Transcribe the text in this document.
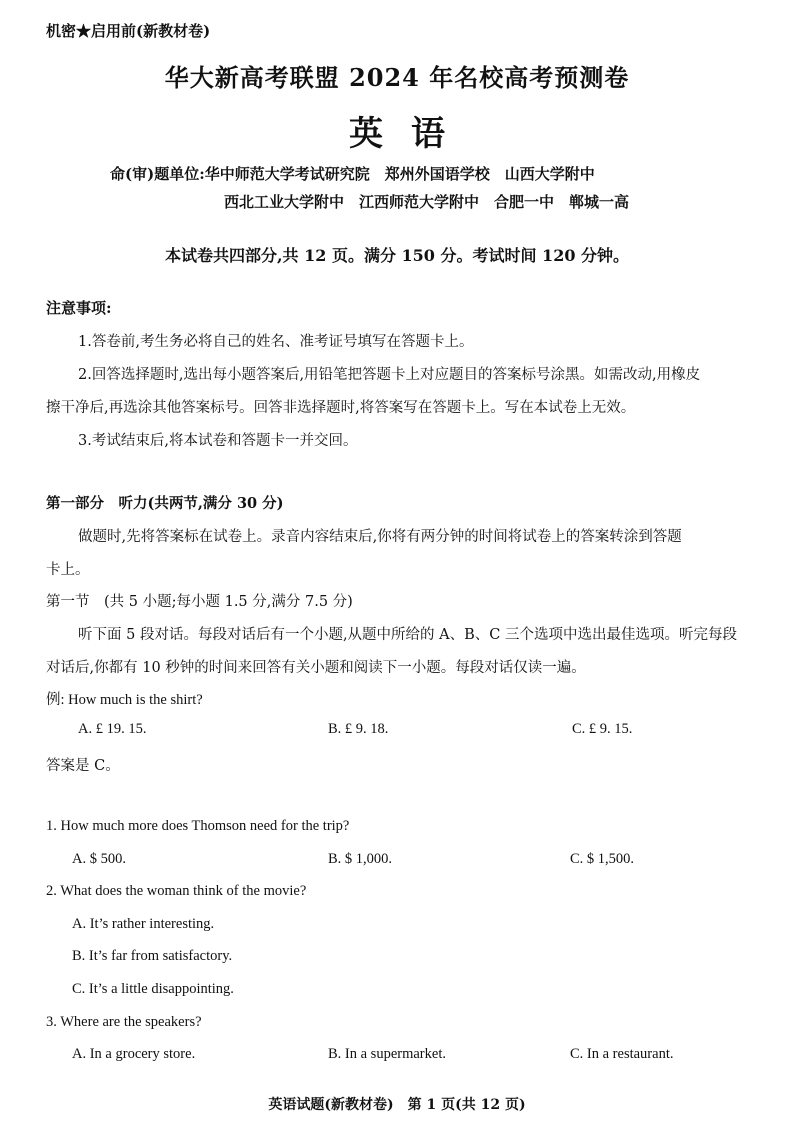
机密★启用前(新教材卷)
华大新高考联盟 2024 年名校高考预测卷
英语
命(审)题单位:华中师范大学考试研究院　郑州外国语学校　山西大学附中
西北工业大学附中　江西师范大学附中　合肥一中　郸城一高
本试卷共四部分,共 12 页。满分 150 分。考试时间 120 分钟。
注意事项:
1.答卷前,考生务必将自己的姓名、准考证号填写在答题卡上。
2.回答选择题时,选出每小题答案后,用铅笔把答题卡上对应题目的答案标号涂黑。如需改动,用橡皮
擦干净后,再选涂其他答案标号。回答非选择题时,将答案写在答题卡上。写在本试卷上无效。
3.考试结束后,将本试卷和答题卡一并交回。
第一部分　听力(共两节,满分 30 分)
做题时,先将答案标在试卷上。录音内容结束后,你将有两分钟的时间将试卷上的答案转涂到答题
卡上。
第一节　(共 5 小题;每小题 1.5 分,满分 7.5 分)
听下面 5 段对话。每段对话后有一个小题,从题中所给的 A、B、C 三个选项中选出最佳选项。听完每段
对话后,你都有 10 秒钟的时间来回答有关小题和阅读下一小题。每段对话仅读一遍。
例: How much is the shirt?
A. £ 19. 15.	B. £ 9. 18.	C. £ 9. 15.
答案是 C。
1. How much more does Thomson need for the trip?
A. $ 500.	B. $ 1,000.	C. $ 1,500.
2. What does the woman think of the movie?
A. It’s rather interesting.
B. It’s far from satisfactory.
C. It’s a little disappointing.
3. Where are the speakers?
A. In a grocery store.	B. In a supermarket.	C. In a restaurant.
英语试题(新教材卷)　第 1 页(共 12 页)
